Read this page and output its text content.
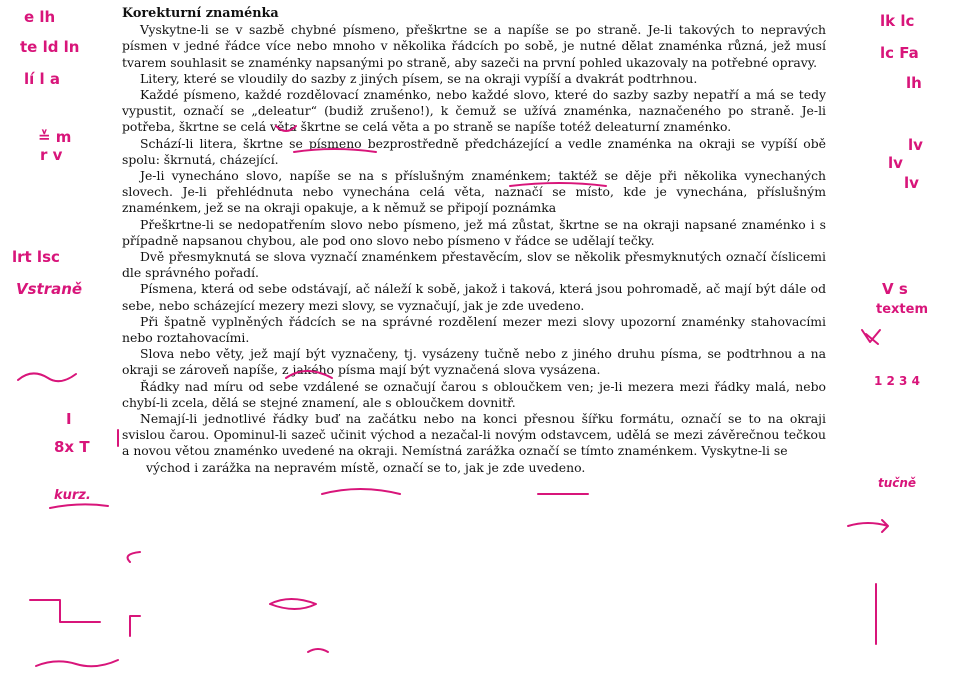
Korekturní znaménka

Vyskytne-li se v sazbě chybné písmeno, přeškrtne se a napíše se po straně. Je-li takových to nepravých písmen v jedné řádce více nebo mnoho v několika řádcích po sobě, je nutné dělat znaménka různá, jež musí tvarem souhlasit se znaménky napsanými po straně, aby sazeči na první pohled ukazovaly na potřebné opravy.

Litery, které se vloudily do sazby z jiných písem, se na okraji vypíší a dvakrát podtrhnou.

Každé písmeno, každé rozdělovací znaménko, nebo každé slovo, které do sazby sazby nepatří a má se tedy vypustit, označí se „deleatur“ (budiž zrušeno!), k čemuž se užívá znaménka, naznačeného po straně. Je-li potřeba, škrtne se celá věta škrtne se celá věta a po straně se napíše totéž deleaturní znaménko.

Schází-li litera, škrtne se písmeno bezprostředně předcházející a vedle znaménka na okraji se vypíší obě spolu: škrnutá, cházející.

Je-li vynecháno slovo, napíše se na s příslušným znaménkem; taktéž se děje při několika vynechaných slovech. Je-li přehlédnuta nebo vynechána celá věta, naznačí se místo, kde je vynechána, příslušným znaménkem, jež se na okraji opakuje, a k němuž se připojí poznámka

Přeškrtne-li se nedopatřením slovo nebo písmeno, jež má zůstat, škrtne se na okraji napsané znaménko i s případně napsanou chybou, ale pod ono slovo nebo písmeno v řádce se udělají tečky.

Dvě přesmyknutá se slova vyznačí znaménkem přestavěcím, slov se několik přesmyknutých označí číslicemi dle správného pořadí.

Písmena, která od sebe odstávají, ač náleží k sobě, jakož i taková, která jsou pohromadě, ač mají být dále od sebe, nebo scházející mezery mezi slovy, se vyznačují, jak je zde uvedeno.

Při špatně vyplněných řádcích se na správné rozdělení mezer mezi slovy upozorní znaménky stahovacími nebo roztahovacími.

Slova nebo věty, jež mají být vyznačeny, tj. vysázeny tučně nebo z jiného druhu písma, se podtrhnou a na okraji se zároveň napíše, z jakého písma mají být vyznačená slova vysázena.

Řádky nad míru od sebe vzdálené se označují čarou s obloučkem ven; je-li mezera mezi řádky malá, nebo chybí-li zcela, dělá se stejné znamení, ale s obloučkem dovnitř.

Nemají-li jednotlivé řádky buď na začátku nebo na konci přesnou šířku formátu, označí se to na okraji svislou čarou. Opominul-li sazeč učinit východ a nezačal-li novým odstavcem, udělá se mezi závěrečnou tečkou a novou větou znaménko uvedené na okraji. Nemístná zarážka označí se tímto znaménkem. Vyskytne-li se

východ i zarážka na nepravém místě, označí se to, jak je zde uvedeno.

e lh
te ld ln
lí l a
≚ m
r v
lrt lsc
Vstraně
I
8x T
kurz.
lk lc
lc Fa
lh
lv
lv
lv
V s
textem
1 2 3 4
tučně
